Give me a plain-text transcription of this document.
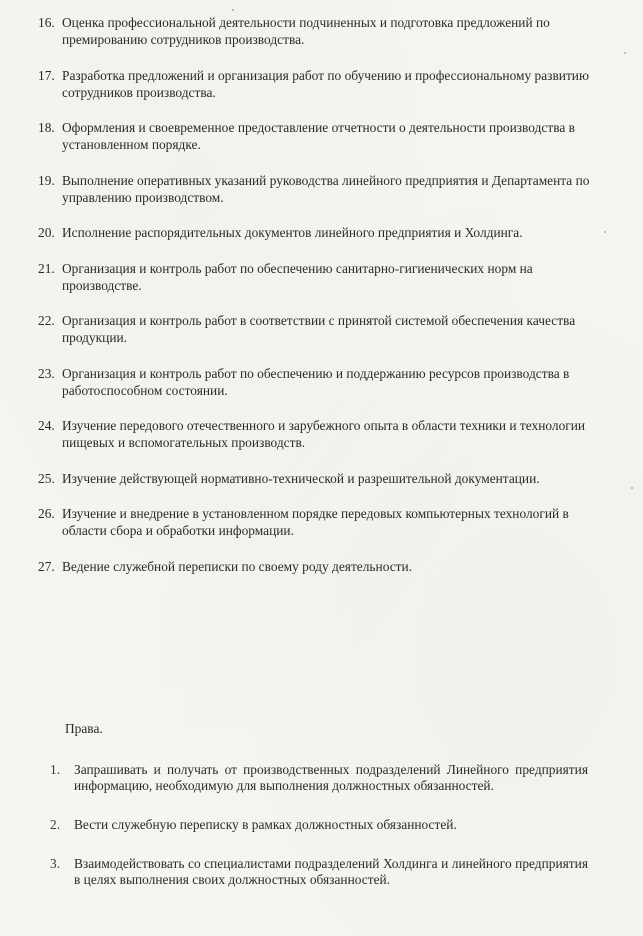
16. Оценка профессиональной деятельности подчиненных и подготовка предложений по премированию сотрудников производства.
17. Разработка предложений и организация работ по обучению и профессиональному развитию сотрудников производства.
18. Оформления и своевременное предоставление отчетности о деятельности производства в установленном порядке.
19. Выполнение оперативных указаний руководства линейного предприятия и Департамента по управлению производством.
20. Исполнение распорядительных документов линейного предприятия и Холдинга.
21. Организация и контроль работ по обеспечению санитарно-гигиенических норм на производстве.
22. Организация и контроль работ в соответствии с принятой системой обеспечения качества продукции.
23. Организация и контроль работ по обеспечению и поддержанию ресурсов производства в работоспособном состоянии.
24. Изучение передового отечественного и зарубежного опыта в области техники и технологии пищевых и вспомогательных производств.
25. Изучение действующей нормативно-технической и разрешительной документации.
26. Изучение и внедрение в установленном порядке передовых компьютерных технологий в области сбора и обработки информации.
27. Ведение служебной переписки по своему роду деятельности.
Права.
1.	Запрашивать и получать от производственных подразделений Линейного предприятия информацию, необходимую для выполнения должностных обязанностей.
2.	Вести служебную переписку в рамках должностных обязанностей.
3.	Взаимодействовать со специалистами подразделений Холдинга и линейного предприятия в целях выполнения своих должностных обязанностей.
